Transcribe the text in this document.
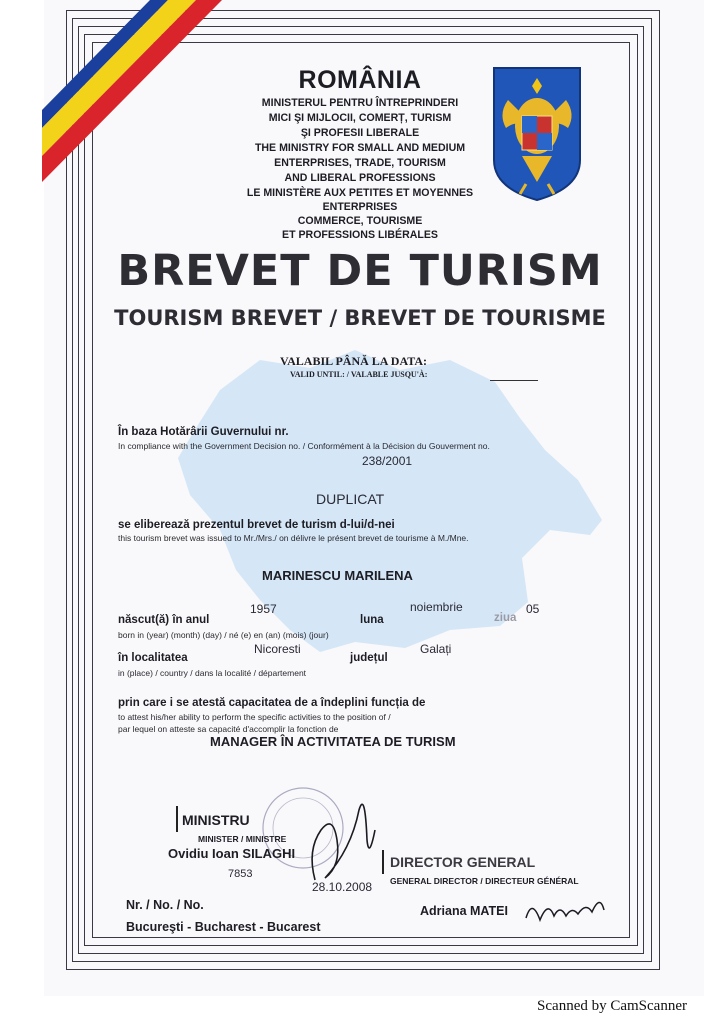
ROMÂNIA
MINISTERUL PENTRU ÎNTREPRINDERI
MICI ŞI MIJLOCII, COMERȚ, TURISM
ŞI PROFESII LIBERALE
THE MINISTRY FOR SMALL AND MEDIUM
ENTERPRISES, TRADE, TOURISM
AND LIBERAL PROFESSIONS
LE MINISTÈRE AUX PETITES ET MOYENNES
ENTERPRISES
COMMERCE, TOURISME
ET PROFESSIONS LIBÉRALES
BREVET DE TURISM
TOURISM BREVET / BREVET DE TOURISME
VALABIL PÂNĂ LA DATA:
VALID UNTIL: / VALABLE JUSQU'À:
În baza Hotărârii Guvernului nr.
In compliance with the Government Decision no. / Conformément à la Décision du Gouverment no.
238/2001
DUPLICAT
se eliberează prezentul brevet de turism d-lui/d-nei
this tourism brevet was issued to Mr./Mrs./ on délivre le présent brevet de tourisme à M./Mne.
MARINESCU MARILENA
născut(ă) în anul
1957
luna
noiembrie
ziua
05
born in (year) (month) (day) / né (e) en (an) (mois) (jour)
Nicoresti
în localitatea	județul
Galați
in (place) / country / dans la localité / département
prin care i se atestă capacitatea de a îndeplini funcția de
to attest his/her ability to perform the specific activities to the position of /
par lequel on atteste sa capacité d'accomplir la fonction de
MANAGER ÎN ACTIVITATEA DE TURISM
MINISTRU
MINISTER / MINISTRE
Ovidiu Ioan SILAGHI
7853
28.10.2008
Nr. / No. / No.
Bucureşti - Bucharest - Bucarest
DIRECTOR GENERAL
GENERAL DIRECTOR / DIRECTEUR GÉNÉRAL
Adriana MATEI
Scanned by CamScanner
